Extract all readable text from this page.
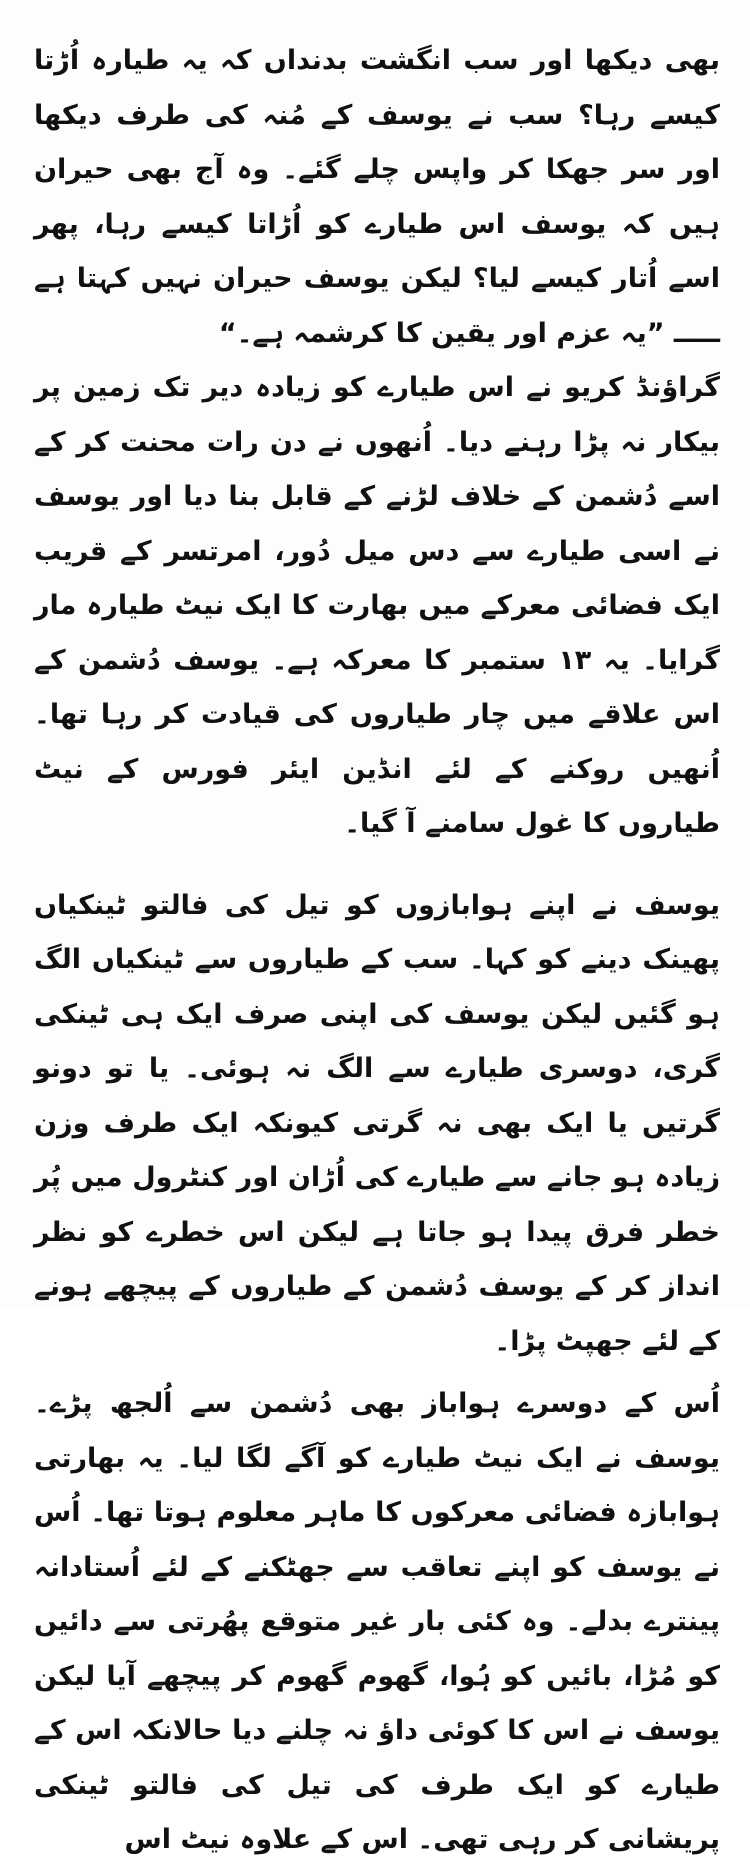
بھی دیکھا اور سب انگشت بدنداں کہ یہ طیارہ اُڑتا کیسے رہا؟ سب نے یوسف کے مُنہ کی طرف دیکھا اور سر جھکا کر واپس چلے گئے۔ وہ آج بھی حیران ہیں کہ یوسف اس طیارے کو اُڑاتا کیسے رہا، پھر اسے اُتار کیسے لیا؟ لیکن یوسف حیران نہیں کہتا ہے ـــــ ”یہ عزم اور یقین کا کرشمہ ہے۔“

گراؤنڈ کریو نے اس طیارے کو زیادہ دیر تک زمین پر بیکار نہ پڑا رہنے دیا۔ اُنھوں نے دن رات محنت کر کے اسے دُشمن کے خلاف لڑنے کے قابل بنا دیا اور یوسف نے اسی طیارے سے دس میل دُور، امرتسر کے قریب ایک فضائی معرکے میں بھارت کا ایک نیٹ طیارہ مار گرایا۔ یہ ۱۳ ستمبر کا معرکہ ہے۔ یوسف دُشمن کے اس علاقے میں چار طیاروں کی قیادت کر رہا تھا۔ اُنھیں روکنے کے لئے انڈین ایئر فورس کے نیٹ طیاروں کا غول سامنے آ گیا۔

یوسف نے اپنے ہوابازوں کو تیل کی فالتو ٹینکیاں پھینک دینے کو کہا۔ سب کے طیاروں سے ٹینکیاں الگ ہو گئیں لیکن یوسف کی اپنی صرف ایک ہی ٹینکی گری، دوسری طیارے سے الگ نہ ہوئی۔ یا تو دونو گرتیں یا ایک بھی نہ گرتی کیونکہ ایک طرف وزن زیادہ ہو جانے سے طیارے کی اُڑان اور کنٹرول میں پُر خطر فرق پیدا ہو جاتا ہے لیکن اس خطرے کو نظر انداز کر کے یوسف دُشمن کے طیاروں کے پیچھے ہونے کے لئے جھپٹ پڑا۔

اُس کے دوسرے ہواباز بھی دُشمن سے اُلجھ پڑے۔ یوسف نے ایک نیٹ طیارے کو آگے لگا لیا۔ یہ بھارتی ہوابازہ فضائی معرکوں کا ماہر معلوم ہوتا تھا۔ اُس نے یوسف کو اپنے تعاقب سے جھٹکنے کے لئے اُستادانہ پینترے بدلے۔ وہ کئی بار غیر متوقع پھُرتی سے دائیں کو مُڑا، بائیں کو ہُوا، گھوم گھوم کر پیچھے آیا لیکن یوسف نے اس کا کوئی داؤ نہ چلنے دیا حالانکہ اس کے طیارے کو ایک طرف کی تیل کی فالتو ٹینکی پریشانی کر رہی تھی۔ اس کے علاوہ نیٹ اس
